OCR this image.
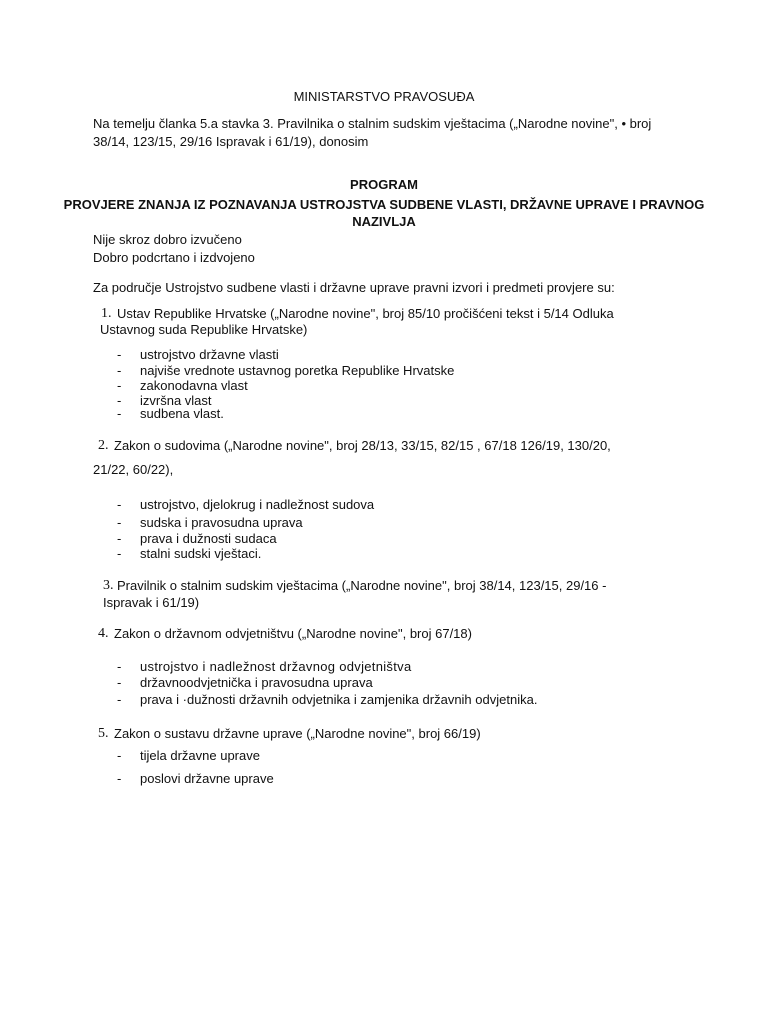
MINISTARSTVO PRAVOSUĐA
Na temelju članka 5.a stavka 3. Pravilnika o stalnim sudskim vještacima („Narodne novine", • broj
38/14, 123/15, 29/16 Ispravak i 61/19), donosim
PROGRAM
PROVJERE ZNANJA IZ POZNAVANJA USTROJSTVA SUDBENE VLASTI, DRŽAVNE UPRAVE I PRAVNOG
NAZIVLJA
Nije skroz dobro izvučeno
Dobro podcrtano i izdvojeno
Za područje Ustrojstvo sudbene vlasti i državne uprave pravni izvori i predmeti provjere su:
1. Ustav Republike Hrvatske („Narodne novine", broj 85/10 pročišćeni tekst i 5/14 Odluka
Ustavnog suda Republike Hrvatske)
- ustrojstvo državne vlasti
- najviše vrednote ustavnog poretka Republike Hrvatske
- zakonodavna vlast
- izvršna vlast
- sudbena vlast.
2. Zakon o sudovima („Narodne novine", broj 28/13, 33/15, 82/15 , 67/18 126/19, 130/20,
21/22, 60/22),
- ustrojstvo, djelokrug i nadležnost sudova
- sudska i pravosudna uprava
- prava i dužnosti sudaca
- stalni sudski vještaci.
3. Pravilnik o stalnim sudskim vještacima („Narodne novine", broj 38/14, 123/15, 29/16 -
Ispravak i 61/19)
4. Zakon o državnom odvjetništvu („Narodne novine", broj 67/18)
- ustrojstvo i nadležnost državnog odvjetništva
- državnoodvjetnička i pravosudna uprava
- prava i ·dužnosti državnih odvjetnika i zamjenika državnih odvjetnika.
5. Zakon o sustavu državne uprave („Narodne novine", broj 66/19)
- tijela državne uprave
- poslovi državne uprave
